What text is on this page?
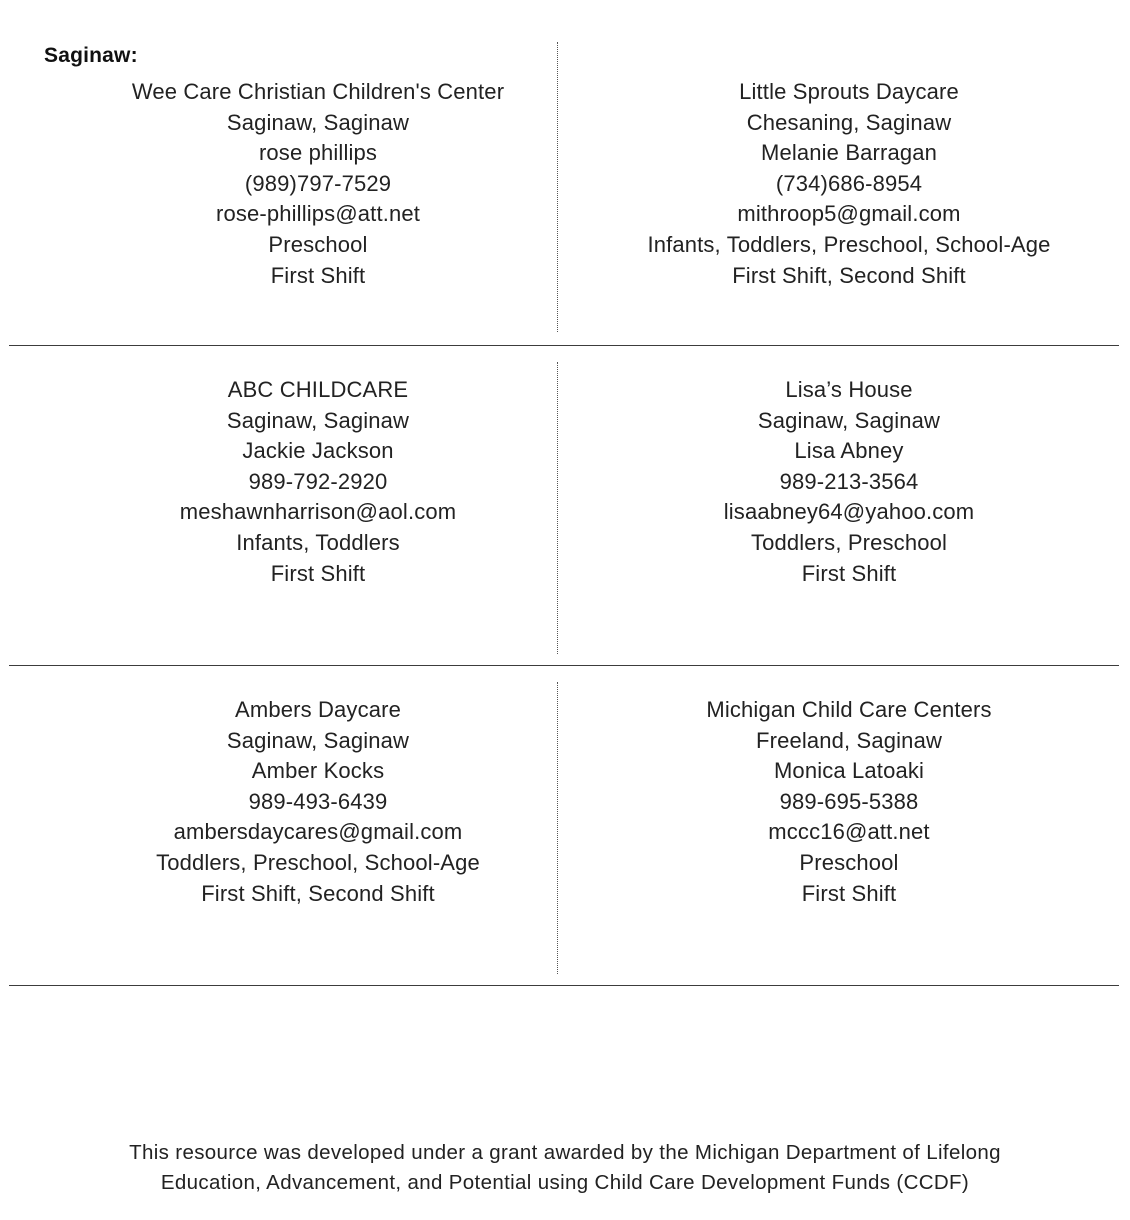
Saginaw:
Wee Care Christian Children's Center
Saginaw, Saginaw
rose phillips
(989)797-7529
rose-phillips@att.net
Preschool
First Shift
Little Sprouts Daycare
Chesaning, Saginaw
Melanie Barragan
(734)686-8954
mithroop5@gmail.com
Infants, Toddlers, Preschool, School-Age
First Shift, Second Shift
ABC CHILDCARE
Saginaw, Saginaw
Jackie Jackson
989-792-2920
meshawnharrison@aol.com
Infants, Toddlers
First Shift
Lisa’s House
Saginaw, Saginaw
Lisa Abney
989-213-3564
lisaabney64@yahoo.com
Toddlers, Preschool
First Shift
Ambers Daycare
Saginaw, Saginaw
Amber Kocks
989-493-6439
ambersdaycares@gmail.com
Toddlers, Preschool, School-Age
First Shift, Second Shift
Michigan Child Care Centers
Freeland, Saginaw
Monica Latoaki
989-695-5388
mccc16@att.net
Preschool
First Shift
This resource was developed under a grant awarded by the Michigan Department of Lifelong
Education, Advancement, and Potential using Child Care Development Funds (CCDF)
